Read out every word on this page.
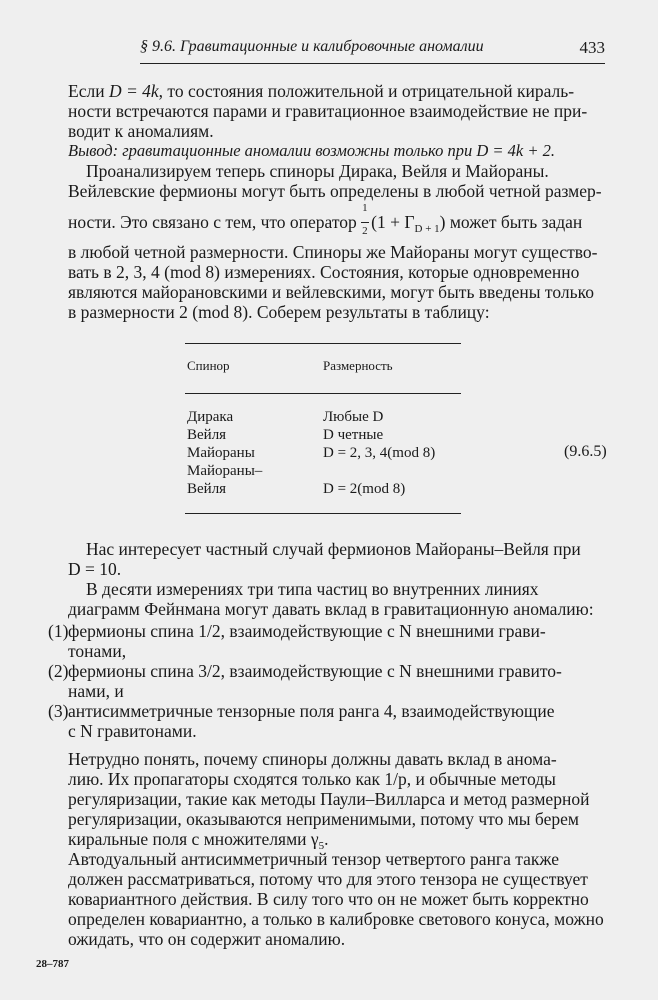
§ 9.6. Гравитационные и калибровочные аномалии	433
Если D = 4k, то состояния положительной и отрицательной кираль-
ности встречаются парами и гравитационное взаимодействие не при-
водит к аномалиям.
Вывод: гравитационные аномалии возможны только при D = 4k + 2.
Проанализируем теперь спиноры Дирака, Вейля и Майораны.
Вейлевские фермионы могут быть определены в любой четной размер-
ности. Это связано с тем, что оператор $\frac{1}{2} (1 + \Gamma_{D + 1})$ может быть задан
в любой четной размерности. Спиноры же Майораны могут существо-
вать в 2, 3, 4 (mod 8) измерениях. Состояния, которые одновременно
являются майорановскими и вейлевскими, могут быть введены только
в размерности 2 (mod 8). Соберем результаты в таблицу:
Спинор	Размерность
Дирака	Любые D
Вейля	D четные
Майораны	D = 2, 3, 4(mod 8)
Майораны–
Вейля	D = 2(mod 8)
(9.6.5)
Нас интересует частный случай фермионов Майораны–Вейля при
D = 10.
В десяти измерениях три типа частиц во внутренних линиях
диаграмм Фейнмана могут давать вклад в гравитационную аномалию:
(1) фермионы спина 1/2, взаимодействующие с N внешними грави-
тонами,
(2) фермионы спина 3/2, взаимодействующие с N внешними гравито-
нами, и
(3) антисимметричные тензорные поля ранга 4, взаимодействующие
с N гравитонами.
Нетрудно понять, почему спиноры должны давать вклад в анома-
лию. Их пропагаторы сходятся только как 1/p, и обычные методы
регуляризации, такие как методы Паули–Вилларса и метод размерной
регуляризации, оказываются неприменимыми, потому что мы берем
киральные поля с множителями $\gamma_5$.
Автодуальный антисимметричный тензор четвертого ранга также
должен рассматриваться, потому что для этого тензора не существует
ковариантного действия. В силу того что он не может быть корректно
определен ковариантно, а только в калибровке светового конуса, можно
ожидать, что он содержит аномалию.
28–787
